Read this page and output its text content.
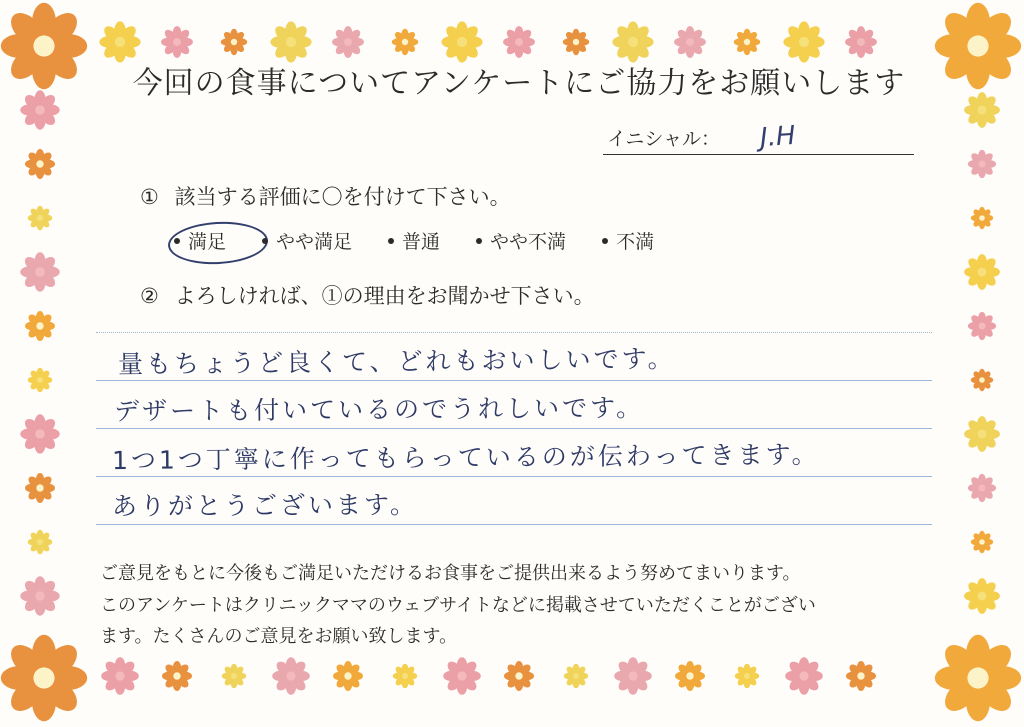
今回の食事についてアンケートにご協力をお願いします
イニシャル： J.H
① 該当する評価に〇を付けて下さい。
満足	やや満足	普通	やや不満	不満
② よろしければ、①の理由をお聞かせ下さい。
量もちょうど良くて、どれもおいしいです。
デザートも付いているのでうれしいです。
1つ1つ丁寧に作ってもらっているのが伝わってきます。
ありがとうございます。
ご意見をもとに今後もご満足いただけるお食事をご提供出来るよう努めてまいります。
このアンケートはクリニックママのウェブサイトなどに掲載させていただくことがござい
ます。たくさんのご意見をお願い致します。
